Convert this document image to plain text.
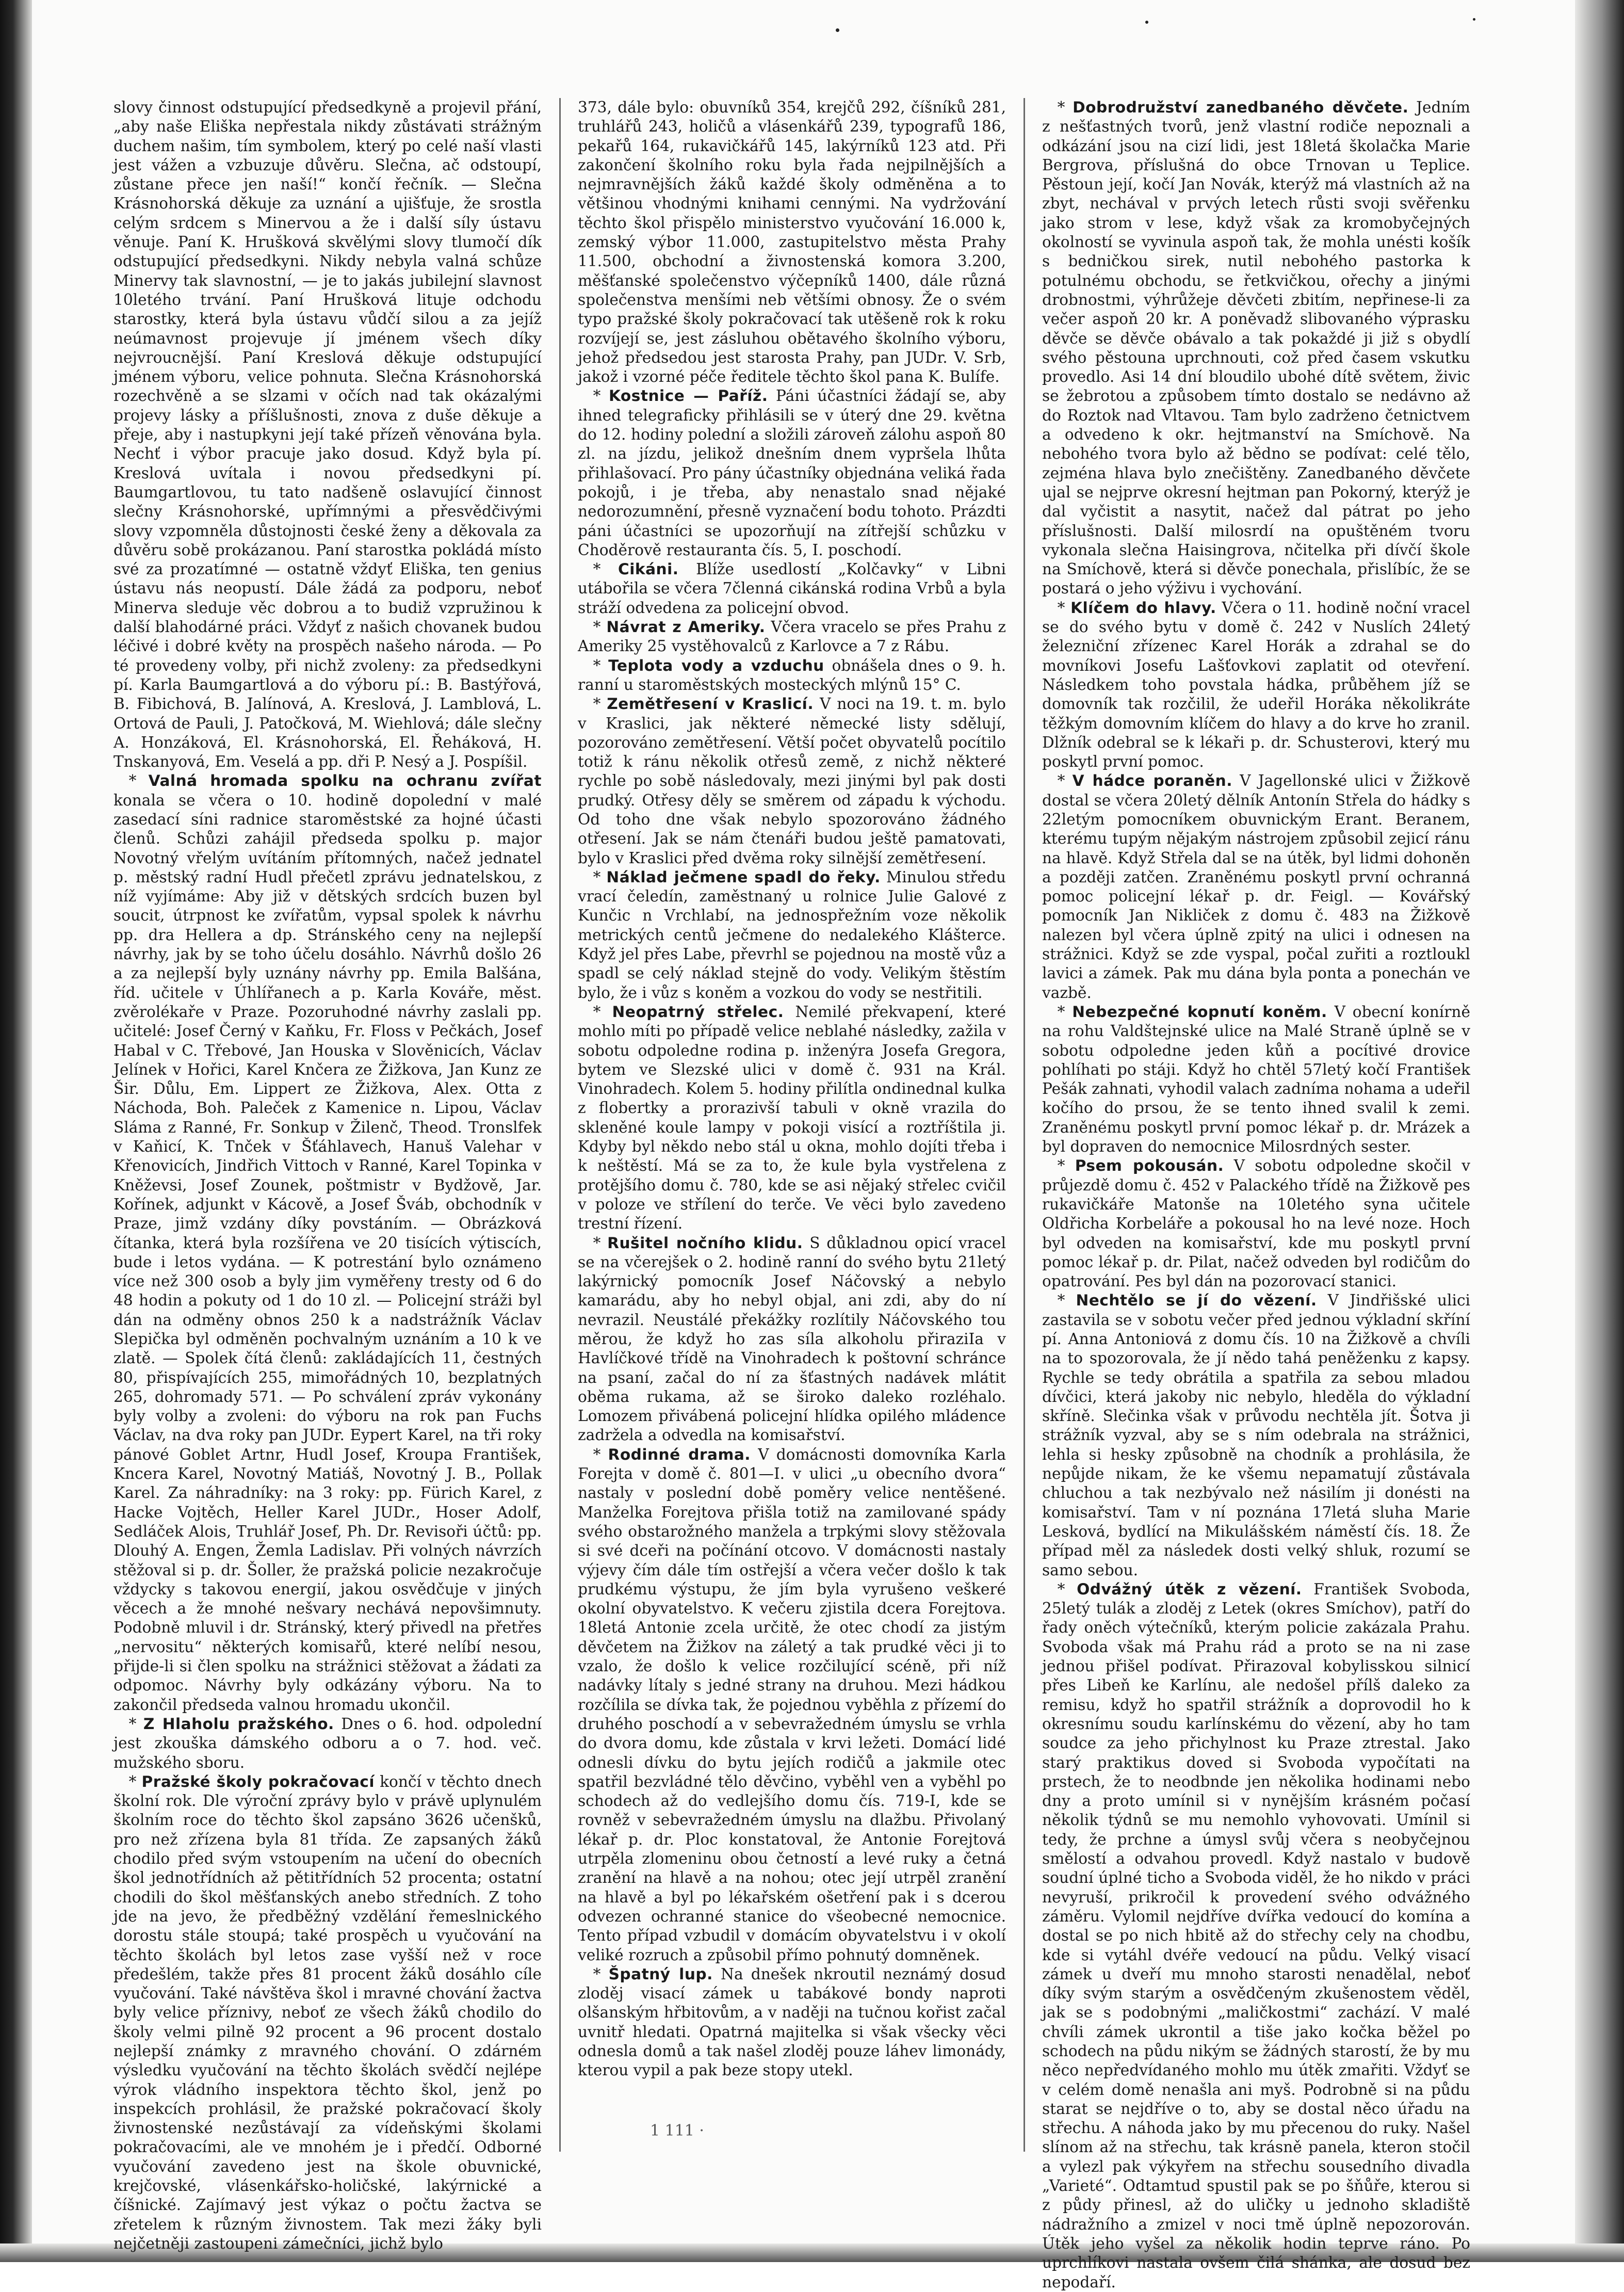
slovy činnost odstupující předsedkyně a projevil přání, „aby naše Eliška nepřestala nikdy zůstávati strážným duchem našim, tím symbolem, který po celé naší vlasti jest vážen a vzbuzuje důvěru. Slečna, ač odstoupí, zůstane přece jen naší!“ končí řečník. — Slečna Krásnohorská děkuje za uznání a ujišťuje, že srostla celým srdcem s Minervou a že i další síly ústavu věnuje. Paní K. Hrušková skvělými slovy tlumočí dík odstupující předsedkyni. Nikdy nebyla valná schůze Minervy tak slavnostní, — je to jakás jubilejní slavnost 10letého trvání. Paní Hrušková lituje odchodu starostky, která byla ústavu vůdčí silou a za jejíž neúmavnost projevuje jí jménem všech díky nejvroucnější. Paní Kreslová děkuje odstupující jménem výboru, velice pohnuta. Slečna Krásnohorská rozechvěně a se slzami v očích nad tak okázalými projevy lásky a příšlušnosti, znova z duše děkuje a přeje, aby i nastupkyni její také přízeň věnována byla. Nechť i výbor pracuje jako dosud. Když byla pí. Kreslová uvítala i novou předsedkyni pí. Baumgartlovou, tu tato nadšeně oslavující činnost slečny Krásnohorské, upřímnými a přesvědčivými slovy vzpomněla důstojnosti české ženy a děkovala za důvěru sobě prokázanou. Paní starostka pokládá místo své za prozatímné — ostatně vždyť Eliška, ten genius ústavu nás neopustí. Dále žádá za podporu, neboť Minerva sleduje věc dobrou a to budiž vzpružinou k další blahodárné práci. Vždyť z našich chovanek budou léčivé i dobré květy na prospěch našeho národa. — Po té provedeny volby, při nichž zvoleny: za předsedkyni pí. Karla Baumgartlová a do výboru pí.: B. Bastýřová, B. Fibichová, B. Jalínová, A. Kreslová, J. Lamblová, L. Ortová de Pauli, J. Patočková, M. Wiehlová; dále slečny A. Honzáková, El. Krásnohorská, El. Řeháková, H. Tnskanyová, Em. Veselá a pp. dři P. Nesý a J. Pospíšil.

* Valná hromada spolku na ochranu zvířat konala se včera o 10. hodině dopolední v malé zasedací síni radnice staroměstské za hojné účasti členů. Schůzi zahájil předseda spolku p. major Novotný vřelým uvítáním přítomných, načež jednatel p. městský radní Hudl přečetl zprávu jednatelskou, z níž vyjímáme: Aby již v dětských srdcích buzen byl soucit, útrpnost ke zvířatům, vypsal spolek k návrhu pp. dra Hellera a dp. Stránského ceny na nejlepší návrhy, jak by se toho účelu dosáhlo. Návrhů došlo 26 a za nejlepší byly uznány návrhy pp. Emila Balšána, říd. učitele v Úhlířanech a p. Karla Kováře, měst. zvěrolékaře v Praze. Pozoruhodné návrhy zaslali pp. učitelé: Josef Černý v Kaňku, Fr. Floss v Pečkách, Josef Habal v C. Třebové, Jan Houska v Slověnicích, Václav Jelínek v Hořici, Karel Knčera ze Žižkova, Jan Kunz ze Šir. Důlu, Em. Lippert ze Žižkova, Alex. Otta z Náchoda, Boh. Paleček z Kamenice n. Lipou, Václav Sláma z Ranné, Fr. Sonkup v Žilenč, Theod. Tronslfek v Kaňicí, K. Tnček v Šťáhlavech, Hanuš Valehar v Křenovicích, Jindřich Vittoch v Ranné, Karel Topinka v Kněževsi, Josef Zounek, poštmistr v Bydžově, Jar. Kořínek, adjunkt v Kácově, a Josef Šváb, obchodník v Praze, jimž vzdány díky povstáním. — Obrázková čítanka, která byla rozšířena ve 20 tisících výtiscích, bude i letos vydána. — K potrestání bylo oznámeno více než 300 osob a byly jim vyměřeny tresty od 6 do 48 hodin a pokuty od 1 do 10 zl. — Policejní stráži byl dán na odměny obnos 250 k a nadstrážník Václav Slepička byl odměněn pochvalným uznáním a 10 k ve zlatě. — Spolek čítá členů: zakládajících 11, čestných 80, přispívajících 255, mimořádných 10, bezplatných 265, dohromady 571. — Po schválení zpráv vykonány byly volby a zvoleni: do výboru na rok pan Fuchs Václav, na dva roky pan JUDr. Eypert Karel, na tři roky pánové Goblet Artnr, Hudl Josef, Kroupa František, Kncera Karel, Novotný Matiáš, Novotný J. B., Pollak Karel. Za náhradníky: na 3 roky: pp. Fürich Karel, z Hacke Vojtěch, Heller Karel JUDr., Hoser Adolf, Sedláček Alois, Truhlář Josef, Ph. Dr. Revisoři účtů: pp. Dlouhý A. Engen, Žemla Ladislav. Při volných návrzích stěžoval si p. dr. Šoller, že pražská policie nezakročuje vždycky s takovou energií, jakou osvědčuje v jiných věcech a že mnohé nešvary nechává nepovšimnuty. Podobně mluvil i dr. Stránský, který přivedl na přetřes „nervositu“ některých komisařů, které nelíbí nesou, přijde-li si člen spolku na strážnici stěžovat a žádati za odpomoc. Návrhy byly odkázány výboru. Na to zakončil předseda valnou hromadu ukončil.

* Z Hlaholu pražského. Dnes o 6. hod. odpolední jest zkouška dámského odboru a o 7. hod. več. mužského sboru.

* Pražské školy pokračovací končí v těchto dnech školní rok. Dle výroční zprávy bylo v právě uplynulém školním roce do těchto škol zapsáno 3626 učenšků, pro než zřízena byla 81 třída. Ze zapsaných žáků chodilo před svým vstoupením na učení do obecních škol jednotřídních až pětitřídních 52 procenta; ostatní chodili do škol měšťanských anebo středních. Z toho jde na jevo, že předběžný vzdělání řemeslnického dorostu stále stoupá; také prospěch u vyučování na těchto školách byl letos zase vyšší než v roce předešlém, takže přes 81 procent žáků dosáhlo cíle vyučování. Také návštěva škol i mravné chování žactva byly velice příznivy, neboť ze všech žáků chodilo do školy velmi pilně 92 procent a 96 procent dostalo nejlepší známky z mravného chování. O zdárném výsledku vyučování na těchto školách svědčí nejlépe výrok vládního inspektora těchto škol, jenž po inspekcích prohlásil, že pražské pokračovací školy živnostenské nezůstávají za vídeňskými školami pokračovacími, ale ve mnohém je i předčí. Odborné vyučování zavedeno jest na škole obuvnické, krejčovské, vlásenkářsko-holičské, lakýrnické a číšnické. Zajímavý jest výkaz o počtu žactva se zřetelem k různým živnostem. Tak mezi žáky byli nejčetněji zastoupeni zámečníci, jichž bylo

373, dále bylo: obuvníků 354, krejčů 292, číšníků 281, truhlářů 243, holičů a vlásenkářů 239, typografů 186, pekařů 164, rukavičkářů 145, lakýrníků 123 atd. Při zakončení školního roku byla řada nejpilnějších a nejmravnějších žáků každé školy odměněna a to většinou vhodnými knihami cennými. Na vydržování těchto škol přispělo ministerstvo vyučování 16.000 k, zemský výbor 11.000, zastupitelstvo města Prahy 11.500, obchodní a živnostenská komora 3.200, měšťanské společenstvo výčepníků 1400, dále různá společenstva menšími neb většími obnosy. Že o svém typo pražské školy pokračovací tak utěšeně rok k roku rozvíjejí se, jest zásluhou obětavého školního výboru, jehož předsedou jest starosta Prahy, pan JUDr. V. Srb, jakož i vzorné péče ředitele těchto škol pana K. Bulífe.

* Kostnice — Paříž. Páni účastníci žádají se, aby ihned telegraficky přihlásili se v úterý dne 29. května do 12. hodiny polední a složili zároveň zálohu aspoň 80 zl. na jízdu, jelikož dnešním dnem vypršela lhůta přihlašovací. Pro pány účastníky objednána veliká řada pokojů, i je třeba, aby nenastalo snad nějaké nedorozumnění, přesně vyznačení bodu tohoto. Prázdti páni účastníci se upozorňují na zítřejší schůzku v Choděrově restauranta čís. 5, I. poschodí.

* Cikáni. Blíže usedlostí „Kolčavky“ v Libni utábořila se včera 7členná cikánská rodina Vrbů a byla stráží odvedena za policejní obvod.

* Návrat z Ameriky. Včera vracelo se přes Prahu z Ameriky 25 vystěhovalců z Karlovce a 7 z Rábu.

* Teplota vody a vzduchu obnášela dnes o 9. h. ranní u staroměstských mosteckých mlýnů 15° C.

* Zemětřesení v Kraslicí. V noci na 19. t. m. bylo v Kraslici, jak některé německé listy sdělují, pozorováno zemětřesení. Větší počet obyvatelů pocítilo totiž k ránu několik otřesů země, z nichž některé rychle po sobě následovaly, mezi jinými byl pak dosti prudký. Otřesy děly se směrem od západu k východu. Od toho dne však nebylo spozorováno žádného otřesení. Jak se nám čtenáři budou ještě pamatovati, bylo v Kraslici před dvěma roky silnější zemětřesení.

* Náklad ječmene spadl do řeky. Minulou středu vrací čeledín, zaměstnaný u rolnice Julie Galové z Kunčic n Vrchlabí, na jednospřežním voze několik metrických centů ječmene do nedalekého Klášterce. Když jel přes Labe, převrhl se pojednou na mostě vůz a spadl se celý náklad stejně do vody. Velikým štěstím bylo, že i vůz s koněm a vozkou do vody se nestřitili.

* Neopatrný střelec. Nemilé překvapení, které mohlo míti po případě velice neblahé následky, zažila v sobotu odpoledne rodina p. inženýra Josefa Gregora, bytem ve Slezské ulici v domě č. 931 na Král. Vinohradech. Kolem 5. hodiny přilítla ondinednal kulka z flobertky a prorazivší tabuli v okně vrazila do skleněné koule lampy v pokoji visící a roztříštila ji. Kdyby byl někdo nebo stál u okna, mohlo dojíti třeba i k neštěstí. Má se za to, že kule byla vystřelena z protějšího domu č. 780, kde se asi nějaký střelec cvičil v poloze ve střílení do terče. Ve věci bylo zavedeno trestní řízení.

* Rušitel nočního klidu. S důkladnou opicí vracel se na včerejšek o 2. hodině ranní do svého bytu 21letý lakýrnický pomocník Josef Náčovský a nebylo kamarádu, aby ho nebyl objal, ani zdi, aby do ní nevrazil. Neustálé překážky rozlítily Náčovského tou měrou, že když ho zas síla alkoholu přiraziIa v Havlíčkové třídě na Vinohradech k poštovní schránce na psaní, začal do ní za šťastných nadávek mlátit oběma rukama, až se široko daleko rozléhalo. Lomozem přivábená policejní hlídka opilého mládence zadržela a odvedla na komisařství.

* Rodinné drama. V domácnosti domovníka Karla Forejta v domě č. 801—I. v ulici „u obecního dvora“ nastaly v poslední době poměry velice nentěšené. Manželka Forejtova přišla totiž na zamilované spády svého obstarožného manžela a trpkými slovy stěžovala si své dceři na počínání otcovo. V domácnosti nastaly výjevy čím dále tím ostřejší a včera večer došlo k tak prudkému výstupu, že jím byla vyrušeno veškeré okolní obyvatelstvo. K večeru zjistila dcera Forejtova. 18letá Antonie zcela určitě, že otec chodí za jistým děvčetem na Žižkov na záletý a tak prudké věci ji to vzalo, že došlo k velice rozčilující scéně, při níž nadávky lítaly s jedné strany na druhou. Mezi hádkou rozčílila se dívka tak, že pojednou vyběhla z přízemí do druhého poschodí a v sebevražedném úmyslu se vrhla do dvora domu, kde zůstala v krvi ležeti. Domácí lidé odnesli dívku do bytu jejích rodičů a jakmile otec spatřil bezvládné tělo děvčino, vyběhl ven a vyběhl po schodech až do vedlejšího domu čís. 719-I, kde se rovněž v sebevražedném úmyslu na dlažbu. Přivolaný lékař p. dr. Ploc konstatoval, že Antonie Forejtová utrpěla zlomeninu obou četností a levé ruky a četná zranění na hlavě a na nohou; otec její utrpěl zranění na hlavě a byl po lékařském ošetření pak i s dcerou odvezen ochranné stanice do všeobecné nemocnice. Tento případ vzbudil v domácím obyvatelstvu i v okolí veliké rozruch a způsobil přímo pohnutý domněnek.

* Špatný lup. Na dnešek nkroutil neznámý dosud zloděj visací zámek u tabákové bondy naproti olšanským hřbitovům, a v naději na tučnou kořist začal uvnitř hledati. Opatrná majitelka si však všecky věci odnesla domů a tak našel zloděj pouze láhev limonády, kterou vypil a pak beze stopy utekl.

* Dobrodružství zanedbaného děvčete. Jedním z nešťastných tvorů, jenž vlastní rodiče nepoznali a odkázání jsou na cizí lidi, jest 18letá školačka Marie Bergrova, příslušná do obce Trnovan u Teplice. Pěstoun její, kočí Jan Novák, kterýž má vlastních až na zbyt, nechával v prvých letech růsti svoji svěřenku jako strom v lese, když však za kromobyčejných okolností se vyvinula aspoň tak, že mohla unésti košík s bedničkou sirek, nutil nebohého pastorka k potulnému obchodu, se řetkvičkou, ořechy a jinými drobnostmi, výhrůžeje děvčeti zbitím, nepřinese-li za večer aspoň 20 kr. A poněvadž slibovaného výprasku děvče se děvče obávalo a tak pokaždé ji již s obydlí svého pěstouna uprchnouti, což před časem vskutku provedlo. Asi 14 dní bloudilo ubohé dítě světem, živic se žebrotou a způsobem tímto dostalo se nedávno až do Roztok nad Vltavou. Tam bylo zadrženo četnictvem a odvedeno k okr. hejtmanství na Smíchově. Na nebohého tvora bylo až bědno se podívat: celé tělo, zejména hlava bylo znečištěny. Zanedbaného děvčete ujal se nejprve okresní hejtman pan Pokorný, kterýž je dal vyčistit a nasytit, načež dal pátrat po jeho příslušnosti. Další milosrdí na opuštěném tvoru vykonala slečna Haisingrova, nčitelka při dívčí škole na Smíchově, která si děvče ponechala, přislíbíc, že se postará o jeho výživu i vychování.

* Klíčem do hlavy. Včera o 11. hodině noční vracel se do svého bytu v domě č. 242 v Nuslích 24letý železniční zřízenec Karel Horák a zdrahal se do movníkovi Josefu Lašťovkovi zaplatit od otevření. Následkem toho povstala hádka, průběhem jíž se domovník tak rozčilil, že udeřil Horáka několikráte těžkým domovním klíčem do hlavy a do krve ho zranil. Dlžník odebral se k lékaři p. dr. Schusterovi, který mu poskytl první pomoc.

* V hádce poraněn. V Jagellonské ulici v Žižkově dostal se včera 20letý dělník Antonín Střela do hádky s 22letým pomocníkem obuvnickým Erant. Beranem, kterému tupým nějakým nástrojem způsobil zejicí ránu na hlavě. Když Střela dal se na útěk, byl lidmi dohoněn a později zatčen. Zraněnému poskytl první ochranná pomoc policejní lékař p. dr. Feigl. — Kovářský pomocník Jan Nikliček z domu č. 483 na Žižkově nalezen byl včera úplně zpitý na ulici i odnesen na strážnici. Když se zde vyspal, počal zuřiti a roztloukl lavici a zámek. Pak mu dána byla ponta a ponechán ve vazbě.

* Nebezpečné kopnutí koněm. V obecní konírně na rohu Valdštejnské ulice na Malé Straně úplně se v sobotu odpoledne jeden kůň a pocítivé drovice pohlíhati po stáji. Když ho chtěl 57letý kočí František Pešák zahnati, vyhodil valach zadníma nohama a udeřil kočího do prsou, že se tento ihned svalil k zemi. Zraněnému poskytl první pomoc lékař p. dr. Mrázek a byl dopraven do nemocnice Milosrdných sester.

* Psem pokousán. V sobotu odpoledne skočil v průjezdě domu č. 452 v Palackého třídě na Žižkově pes rukavičkáře Matonše na 10letého syna učitele Oldřicha Korbeláře a pokousal ho na levé noze. Hoch byl odveden na komisařství, kde mu poskytl první pomoc lékař p. dr. Pilat, načež odveden byl rodičům do opatrování. Pes byl dán na pozorovací stanici.

* Nechtělo se jí do vězení. V Jindřišské ulici zastavila se v sobotu večer před jednou výkladní skříní pí. Anna Antoniová z domu čís. 10 na Žižkově a chvíli na to spozorovala, že jí nědo tahá peněženku z kapsy. Rychle se tedy obrátila a spatřila za sebou mladou dívčici, která jakoby nic nebylo, hleděla do výkladní skříně. Slečinka však v průvodu nechtěla jít. Šotva ji strážník vyzval, aby se s ním odebrala na strážnici, lehla si hesky způsobně na chodník a prohlásila, že nepůjde nikam, že ke všemu nepamatují zůstávala chluchou a tak nezbývalo než násilím ji donésti na komisařství. Tam v ní poznána 17letá sluha Marie Lesková, bydlící na Mikulášském náměstí čís. 18. Že případ měl za následek dosti velký shluk, rozumí se samo sebou.

* Odvážný útěk z vězení. František Svoboda, 25letý tulák a zloděj z Letek (okres Smíchov), patří do řady oněch výtečníků, kterým policie zakázala Prahu. Svoboda však má Prahu rád a proto se na ni zase jednou přišel podívat. Přirazoval kobylisskou silnicí přes Libeň ke Karlínu, ale nedošel přílš daleko za remisu, když ho spatřil strážník a doprovodil ho k okresnímu soudu karlínskému do vězení, aby ho tam soudce za jeho přichylnost ku Praze ztrestal. Jako starý praktikus doved si Svoboda vypočítati na prstech, že to neodbnde jen několika hodinami nebo dny a proto umínil si v nynějším krásném počasí několik týdnů se mu nemohlo vyhovovati. Umínil si tedy, že prchne a úmysl svůj včera s neobyčejnou smělostí a odvahou provedl. Když nastalo v budově soudní úplné ticho a Svoboda viděl, že ho nikdo v práci nevyruší, prikročil k provedení svého odvážného záměru. Vylomil nejdříve dvířka vedoucí do komína a dostal se po nich hbitě až do střechy cely na chodbu, kde si vytáhl dvéře vedoucí na půdu. Velký visací zámek u dveří mu mnoho starosti nenadělal, neboť díky svým starým a osvědčeným zkušenostem věděl, jak se s podobnými „maličkostmi“ zachází. V malé chvíli zámek ukrontil a tiše jako kočka běžel po schodech na půdu nikým se žádných starostí, že by mu něco nepředvídaného mohlo mu útěk zmařiti. Vždyť se v celém domě nenašla ani myš. Podrobně si na půdu starat se nejdříve o to, aby se dostal něco úřadu na střechu. A náhoda jako by mu přecenou do ruky. Našel slínom až na střechu, tak krásně panela, kteron stočil a vylezl pak výkyřem na střechu sousedního divadla „Varieté“. Odtamtud spustil pak se po šňůře, kterou si z půdy přinesl, až do uličky u jednoho skladiště nádražního a zmizel v noci tmě úplně nepozorován. Útěk jeho vyšel za několik hodin teprve ráno. Po uprchlíkovi nastala ovšem čilá shánka, ale dosud bez nepodaří.

1 111 ·
